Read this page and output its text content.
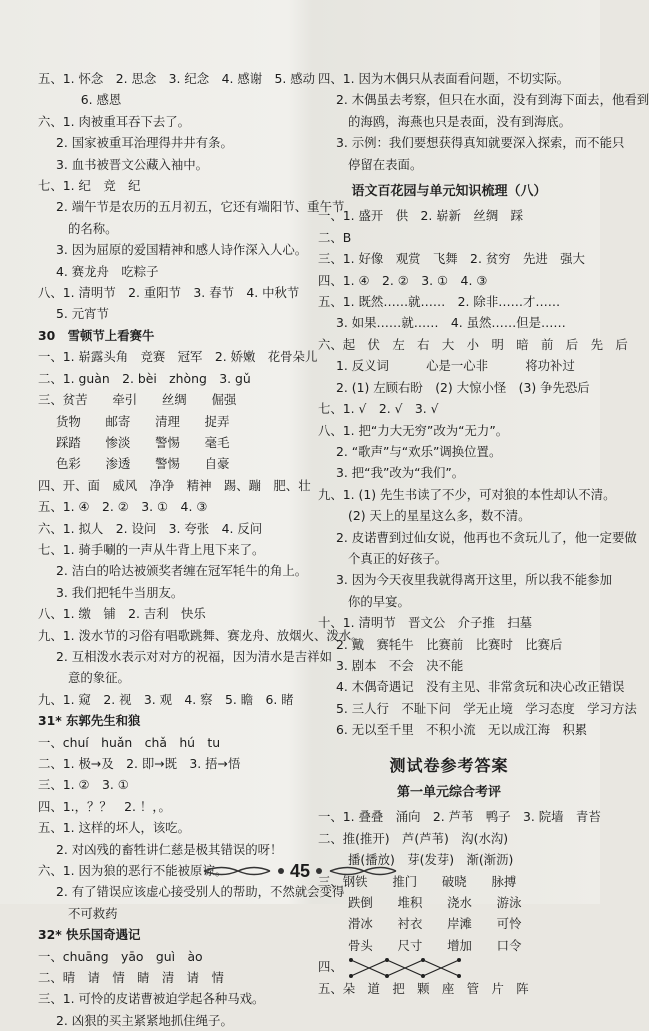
五、1. 怀念　2. 思念　3. 纪念　4. 感谢　5. 感动
　　6. 感恩
六、1. 肉被重耳吞下去了。
2. 国家被重耳治理得井井有条。
3. 血书被晋文公藏入袖中。
七、1. 纪　竞　纪
2. 端午节是农历的五月初五，它还有端阳节、重午节
的名称。
3. 因为屈原的爱国精神和感人诗作深入人心。
4. 赛龙舟　吃粽子
八、1. 清明节　2. 重阳节　3. 春节　4. 中秋节
5. 元宵节
30　雪顿节上看赛牛
一、1. 崭露头角　竞赛　冠军　2. 娇嫩　花骨朵儿
二、1. guàn　2. bèi　zhòng　3. gǔ
三、贫苦　　牵引　　丝绸　　倔强
货物　　邮寄　　清理　　捉弄
踩踏　　惨淡　　警惕　　毫毛
色彩　　渗透　　警惕　　自豪
四、开、面　威风　净净　精神　踢、蹦　肥、壮
五、1. ④　2. ②　3. ①　4. ③
六、1. 拟人　2. 设问　3. 夸张　4. 反问
七、1. 骑手唰的一声从牛背上甩下来了。
2. 洁白的哈达被颁奖者缠在冠军牦牛的角上。
3. 我们把牦牛当朋友。
八、1. 缴　铺　2. 吉利　快乐
九、1. 泼水节的习俗有唱歌跳舞、赛龙舟、放烟火、泼水。
2. 互相泼水表示对对方的祝福，因为清水是吉祥如
意的象征。
九、1. 窥　2. 视　3. 观　4. 察　5. 瞻　6. 睹
31* 东郭先生和狼
一、chuí　huǎn　chǎ　hú　tu
二、1. 极→及　2. 即→既　3. 捂→悟
三、1. ②　3. ①
四、1.，？？　2. ！，。
五、1. 这样的坏人，该吃。
2. 对凶残的畜牲讲仁慈是极其错误的呀！
六、1. 因为狼的恶行不能被原谅。
2. 有了错误应该虚心接受别人的帮助，不然就会变得
不可救药
32* 快乐国奇遇记
一、chuāng　yāo　guì　ào
二、晴　请　情　睛　清　请　情
三、1. 可怜的皮诺曹被迫学起各种马戏。
2. 凶狠的买主紧紧地抓住绳子。
四、1. 因为木偶只从表面看问题，不切实际。
2. 木偶虽去考察，但只在水面，没有到海下面去，他看到
的海鸥，海燕也只是表面，没有到海底。
3. 示例：我们要想获得真知就要深入探索，而不能只
停留在表面。
语文百花园与单元知识梳理（八）
一、1. 盛开　供　2. 崭新　丝绸　踩
二、B
三、1. 好像　观赏　飞舞　2. 贫穷　先进　强大
四、1. ④　2. ②　3. ①　4. ③
五、1. 既然……就……　2. 除非……才……
3. 如果……就……　4. 虽然……但是……
六、起　伏　左　右　大　小　明　暗　前　后　先　后
1. 反义词　　　心是一心非　　　将功补过
2. (1) 左顾右盼　(2) 大惊小怪　(3) 争先恐后
七、1. √　2. √　3. √
八、1. 把“力大无穷”改为“无力”。
2. “歌声”与“欢乐”调换位置。
3. 把“我”改为“我们”。
九、1. (1) 先生书读了不少，可对狼的本性却认不清。
(2) 天上的星星这么多，数不清。
2. 皮诺曹到过仙女说，他再也不贪玩儿了，他一定要做
个真正的好孩子。
3. 因为今天夜里我就得离开这里，所以我不能参加
你的早宴。
十、1. 清明节　晋文公　介子推　扫墓
2. 戴　赛牦牛　比赛前　比赛时　比赛后
3. 剧本　不会　决不能
4. 木偶奇遇记　没有主见、非常贪玩和决心改正错误
5. 三人行　不耻下问　学无止境　学习态度　学习方法
6. 无以至千里　不积小流　无以成江海　积累
测试卷参考答案
第一单元综合考评
一、1. 叠叠　涌向　2. 芦苇　鸭子　3. 院墙　青苔
二、推(推开)　芦(芦苇)　沟(水沟)
播(播放)　芽(发芽)　渐(渐沥)
三、钢铁　　推门　　破晓　　脉搏
跌倒　　堆积　　浇水　　游泳
滑冰　　衬衣　　岸滩　　可怜
骨头　　尺寸　　增加　　口令
四、
五、朵　道　把　颗　座　管　片　阵
45
